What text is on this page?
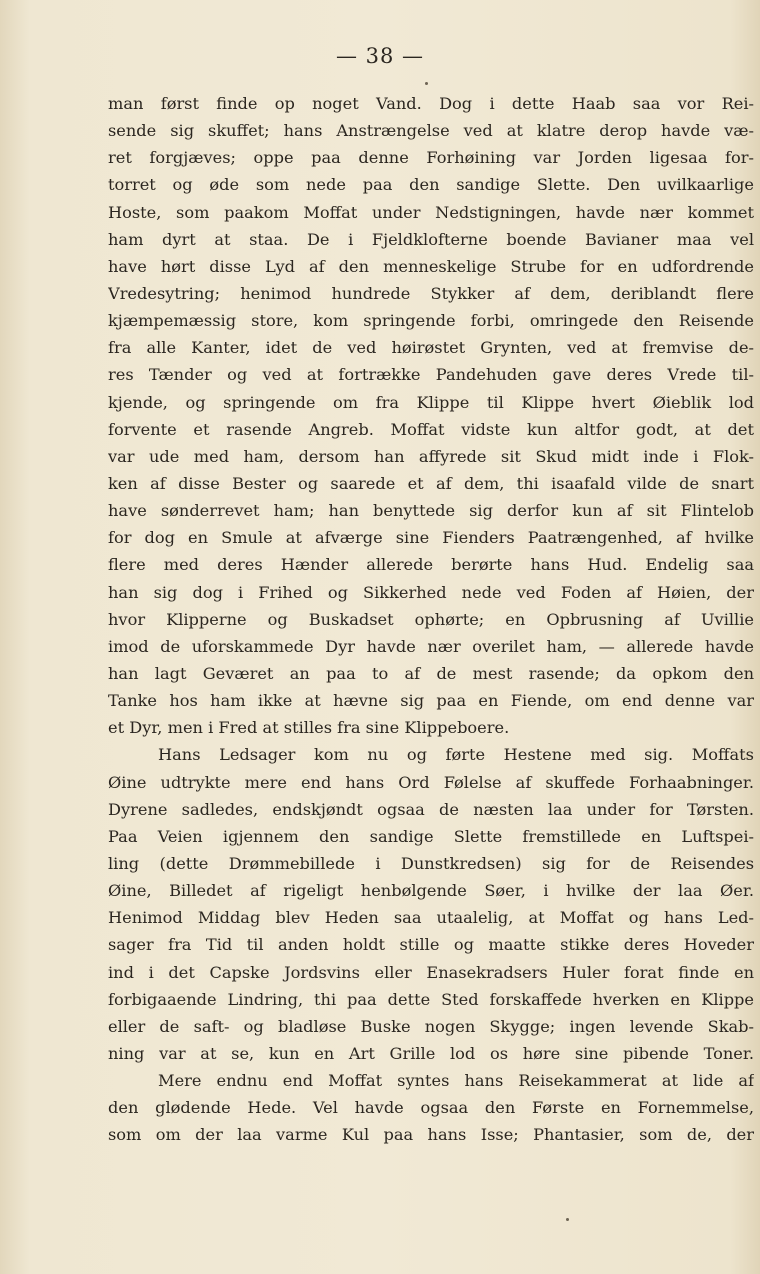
— 38 —
man først finde op noget Vand. Dog i dette Haab saa vor Rei-
sende sig skuffet; hans Anstrængelse ved at klatre derop havde væ-
ret forgjæves; oppe paa denne Forhøining var Jorden ligesaa for-
torret og øde som nede paa den sandige Slette. Den uvilkaarlige
Hoste, som paakom Moffat under Nedstigningen, havde nær kommet
ham dyrt at staa. De i Fjeldklofterne boende Bavianer maa vel
have hørt disse Lyd af den menneskelige Strube for en udfordrende
Vredesytring; henimod hundrede Stykker af dem, deriblandt flere
kjæmpemæssig store, kom springende forbi, omringede den Reisende
fra alle Kanter, idet de ved høirøstet Grynten, ved at fremvise de-
res Tænder og ved at fortrække Pandehuden gave deres Vrede til-
kjende, og springende om fra Klippe til Klippe hvert Øieblik lod
forvente et rasende Angreb. Moffat vidste kun altfor godt, at det
var ude med ham, dersom han affyrede sit Skud midt inde i Flok-
ken af disse Bester og saarede et af dem, thi isaafald vilde de snart
have sønderrevet ham; han benyttede sig derfor kun af sit Flintelob
for dog en Smule at afværge sine Fienders Paatrængenhed, af hvilke
flere med deres Hænder allerede berørte hans Hud. Endelig saa
han sig dog i Frihed og Sikkerhed nede ved Foden af Høien, der
hvor Klipperne og Buskadset ophørte; en Opbrusning af Uvillie
imod de uforskammede Dyr havde nær overilet ham, — allerede havde
han lagt Geværet an paa to af de mest rasende; da opkom den
Tanke hos ham ikke at hævne sig paa en Fiende, om end denne var
et Dyr, men i Fred at stilles fra sine Klippeboere.
Hans Ledsager kom nu og førte Hestene med sig. Moffats
Øine udtrykte mere end hans Ord Følelse af skuffede Forhaabninger.
Dyrene sadledes, endskjøndt ogsaa de næsten laa under for Tørsten.
Paa Veien igjennem den sandige Slette fremstillede en Luftspei-
ling (dette Drømmebillede i Dunstkredsen) sig for de Reisendes
Øine, Billedet af rigeligt henbølgende Søer, i hvilke der laa Øer.
Henimod Middag blev Heden saa utaalelig, at Moffat og hans Led-
sager fra Tid til anden holdt stille og maatte stikke deres Hoveder
ind i det Capske Jordsvins eller Enasekradsers Huler forat finde en
forbigaaende Lindring, thi paa dette Sted forskaffede hverken en Klippe
eller de saft- og bladløse Buske nogen Skygge; ingen levende Skab-
ning var at se, kun en Art Grille lod os høre sine pibende Toner.
Mere endnu end Moffat syntes hans Reisekammerat at lide af
den glødende Hede. Vel havde ogsaa den Første en Fornemmelse,
som om der laa varme Kul paa hans Isse; Phantasier, som de, der
